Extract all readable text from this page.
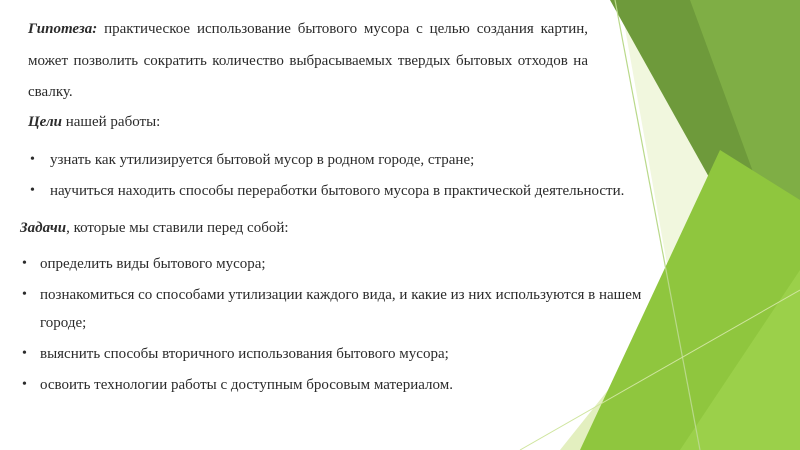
Гипотеза: практическое использование бытового мусора с целью создания картин, может позволить сократить количество выбрасываемых твердых бытовых отходов на свалку.

Цели нашей работы:

• узнать как утилизируется бытовой мусор в родном городе, стране;

• научиться находить способы переработки бытового мусора в практической деятельности.

Задачи, которые мы ставили перед собой:

• определить виды бытового мусора;

• познакомиться со способами утилизации каждого вида, и какие из них используются в нашем

городе;

• выяснить способы вторичного использования бытового мусора;

• освоить технологии работы с доступным бросовым материалом.
